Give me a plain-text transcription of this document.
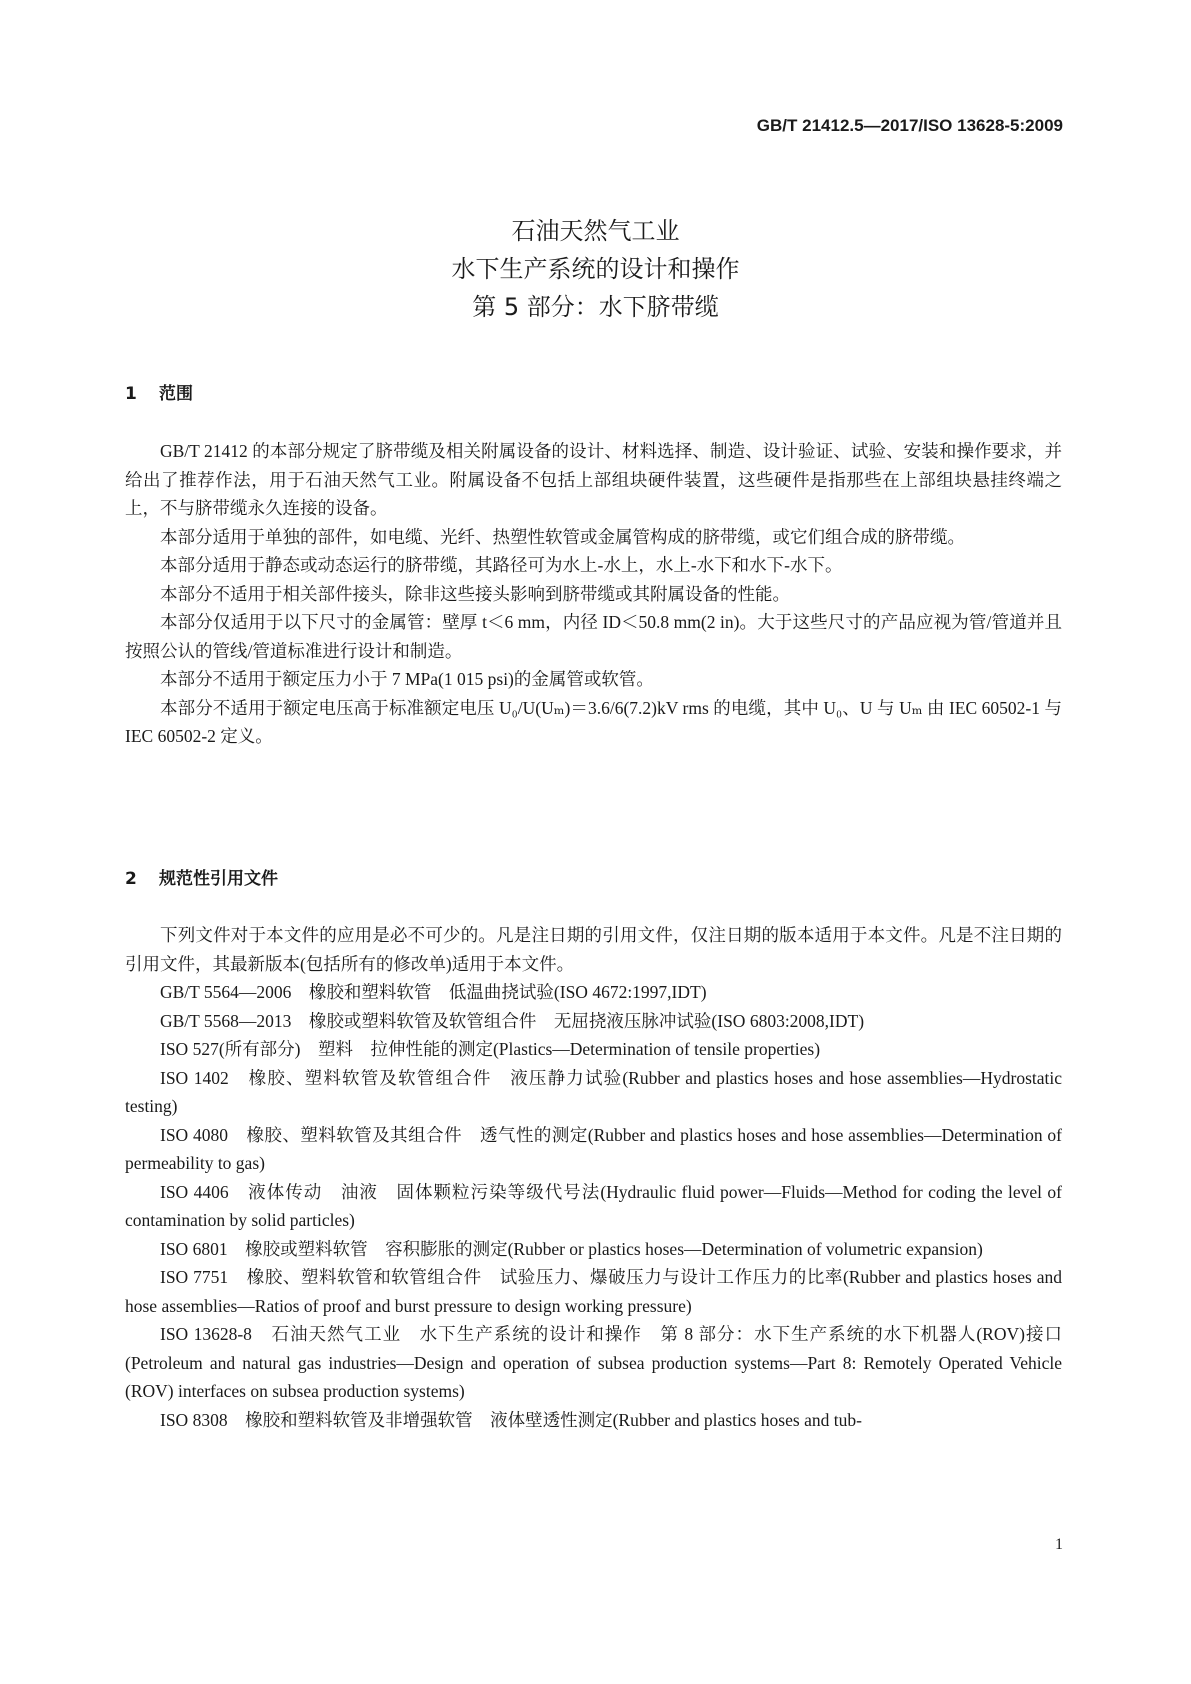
GB/T 21412.5—2017/ISO 13628-5:2009
石油天然气工业
水下生产系统的设计和操作
第 5 部分：水下脐带缆
1 范围

GB/T 21412 的本部分规定了脐带缆及相关附属设备的设计、材料选择、制造、设计验证、试验、安装和操作要求，并给出了推荐作法，用于石油天然气工业。附属设备不包括上部组块硬件装置，这些硬件是指那些在上部组块悬挂终端之上，不与脐带缆永久连接的设备。

本部分适用于单独的部件，如电缆、光纤、热塑性软管或金属管构成的脐带缆，或它们组合成的脐带缆。

本部分适用于静态或动态运行的脐带缆，其路径可为水上-水上，水上-水下和水下-水下。

本部分不适用于相关部件接头，除非这些接头影响到脐带缆或其附属设备的性能。

本部分仅适用于以下尺寸的金属管：壁厚 t＜6 mm，内径 ID＜50.8 mm(2 in)。大于这些尺寸的产品应视为管/管道并且按照公认的管线/管道标准进行设计和制造。

本部分不适用于额定压力小于 7 MPa(1 015 psi)的金属管或软管。

本部分不适用于额定电压高于标准额定电压 U₀/U(Uₘ)＝3.6/6(7.2)kV rms 的电缆，其中 U₀、U 与 Uₘ 由 IEC 60502-1 与 IEC 60502-2 定义。

2 规范性引用文件

下列文件对于本文件的应用是必不可少的。凡是注日期的引用文件，仅注日期的版本适用于本文件。凡是不注日期的引用文件，其最新版本(包括所有的修改单)适用于本文件。

GB/T 5564—2006　橡胶和塑料软管　低温曲挠试验(ISO 4672:1997,IDT)

GB/T 5568—2013　橡胶或塑料软管及软管组合件　无屈挠液压脉冲试验(ISO 6803:2008,IDT)

ISO 527(所有部分)　塑料　拉伸性能的测定(Plastics—Determination of tensile properties)

ISO 1402　橡胶、塑料软管及软管组合件　液压静力试验(Rubber and plastics hoses and hose assemblies—Hydrostatic testing)

ISO 4080　橡胶、塑料软管及其组合件　透气性的测定(Rubber and plastics hoses and hose assemblies—Determination of permeability to gas)

ISO 4406　液体传动　油液　固体颗粒污染等级代号法(Hydraulic fluid power—Fluids—Method for coding the level of contamination by solid particles)

ISO 6801　橡胶或塑料软管　容积膨胀的测定(Rubber or plastics hoses—Determination of volumetric expansion)

ISO 7751　橡胶、塑料软管和软管组合件　试验压力、爆破压力与设计工作压力的比率(Rubber and plastics hoses and hose assemblies—Ratios of proof and burst pressure to design working pressure)

ISO 13628-8　石油天然气工业　水下生产系统的设计和操作　第 8 部分：水下生产系统的水下机器人(ROV)接口(Petroleum and natural gas industries—Design and operation of subsea production systems—Part 8: Remotely Operated Vehicle (ROV) interfaces on subsea production systems)

ISO 8308　橡胶和塑料软管及非增强软管　液体壁透性测定(Rubber and plastics hoses and tub-

1
